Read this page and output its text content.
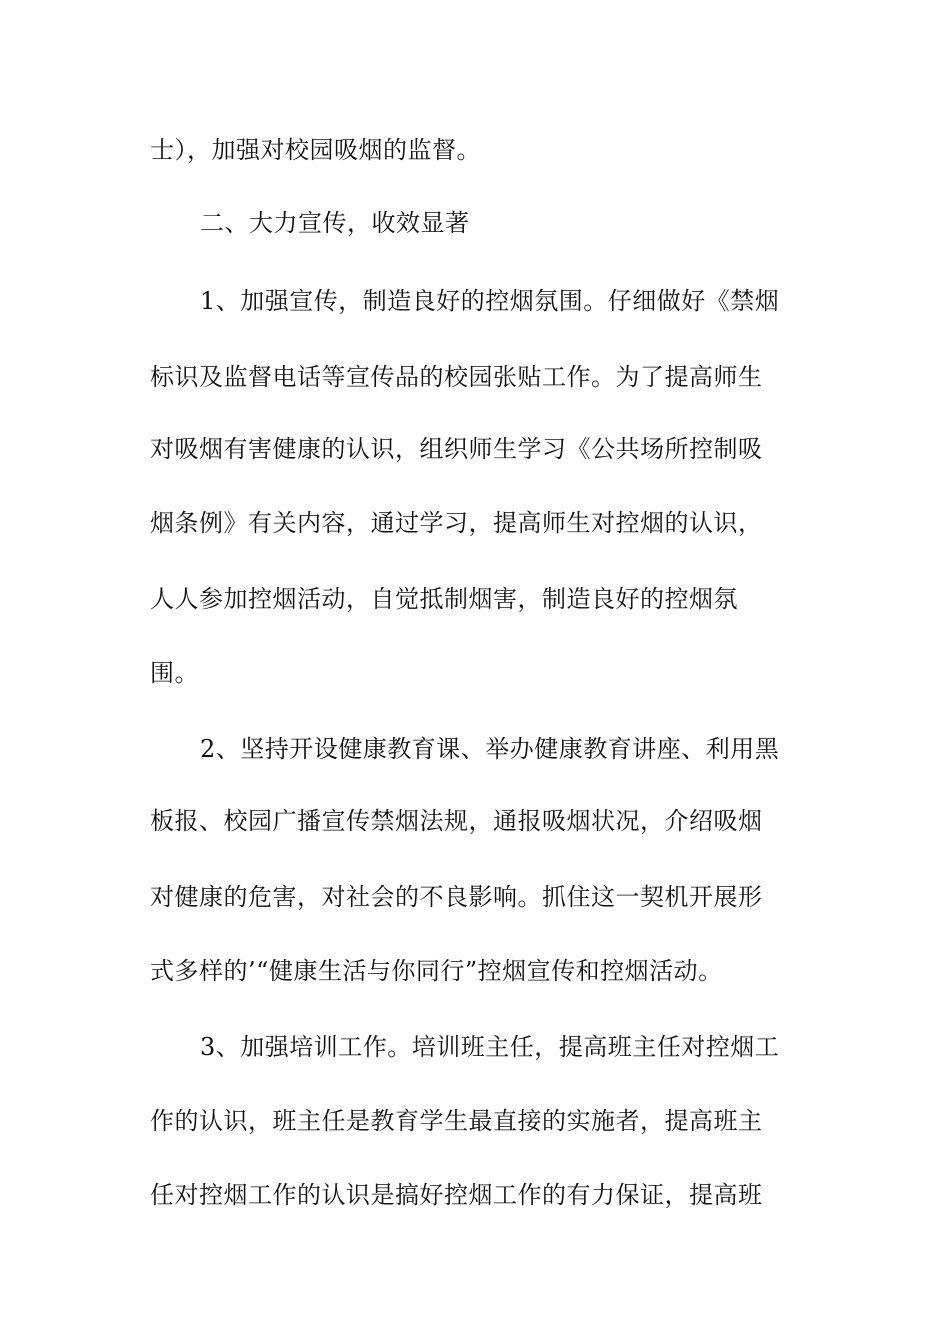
士），加强对校园吸烟的监督。
二、大力宣传，收效显著
1、加强宣传，制造良好的控烟氛围。仔细做好《禁烟
标识及监督电话等宣传品的校园张贴工作。为了提高师生
对吸烟有害健康的认识，组织师生学习《公共场所控制吸
烟条例》有关内容，通过学习，提高师生对控烟的认识，
人人参加控烟活动，自觉抵制烟害，制造良好的控烟氛
围。
2、坚持开设健康教育课、举办健康教育讲座、利用黑
板报、校园广播宣传禁烟法规，通报吸烟状况，介绍吸烟
对健康的危害，对社会的不良影响。抓住这一契机开展形
式多样的’“健康生活与你同行”控烟宣传和控烟活动。
3、加强培训工作。培训班主任，提高班主任对控烟工
作的认识，班主任是教育学生最直接的实施者，提高班主
任对控烟工作的认识是搞好控烟工作的有力保证，提高班
